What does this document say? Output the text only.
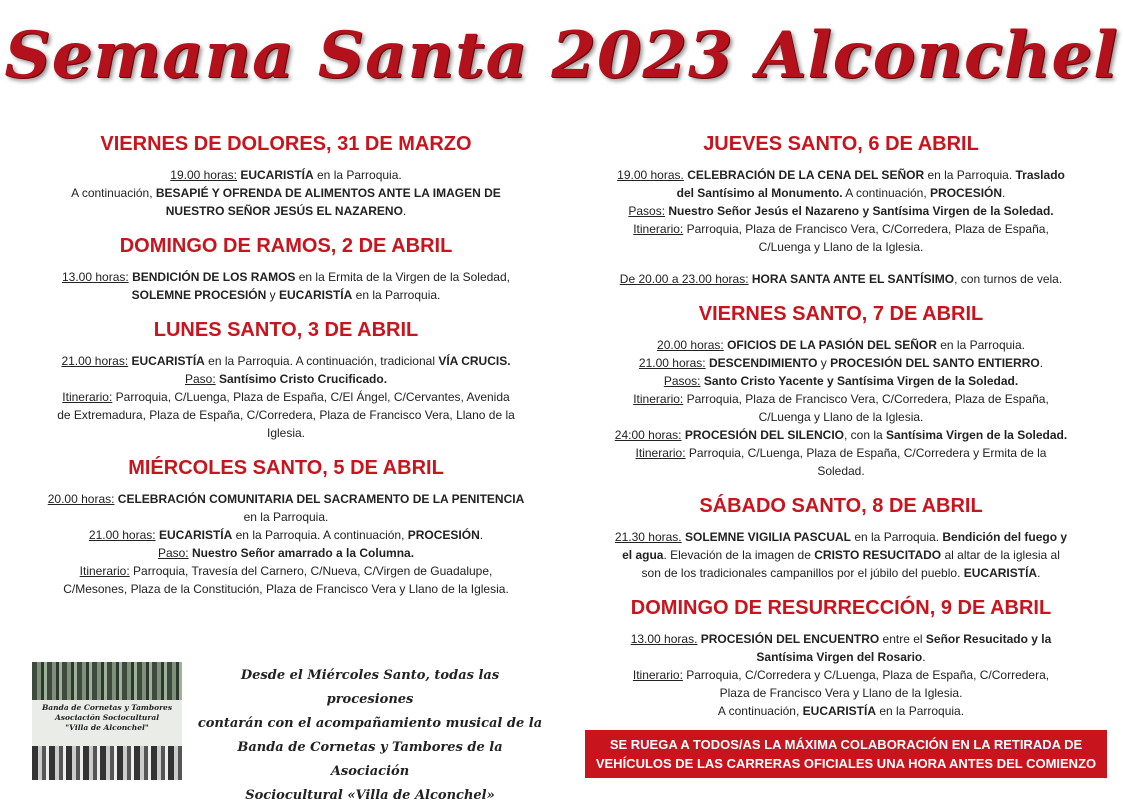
Semana Santa 2023 Alconchel
VIERNES DE DOLORES, 31 DE MARZO
19.00 horas: EUCARISTÍA en la Parroquia.
A continuación, BESAPIÉ Y OFRENDA DE ALIMENTOS ANTE LA IMAGEN DE
NUESTRO SEÑOR JESÚS EL NAZARENO.
DOMINGO DE RAMOS, 2 DE ABRIL
13.00 horas: BENDICIÓN DE LOS RAMOS en la Ermita de la Virgen de la Soledad,
SOLEMNE PROCESIÓN y EUCARISTÍA en la Parroquia.
LUNES SANTO, 3 DE ABRIL
21.00 horas: EUCARISTÍA en la Parroquia. A continuación, tradicional VÍA CRUCIS.
Paso: Santísimo Cristo Crucificado.
Itinerario: Parroquia, C/Luenga, Plaza de España, C/El Ángel, C/Cervantes, Avenida
de Extremadura, Plaza de España, C/Corredera, Plaza de Francisco Vera, Llano de la
Iglesia.
MIÉRCOLES SANTO, 5 DE ABRIL
20.00 horas: CELEBRACIÓN COMUNITARIA DEL SACRAMENTO DE LA PENITENCIA
en la Parroquia.
21.00 horas: EUCARISTÍA en la Parroquia. A continuación, PROCESIÓN.
Paso: Nuestro Señor amarrado a la Columna.
Itinerario: Parroquia, Travesía del Carnero, C/Nueva, C/Virgen de Guadalupe,
C/Mesones, Plaza de la Constitución, Plaza de Francisco Vera y Llano de la Iglesia.
JUEVES SANTO, 6 DE ABRIL
19.00 horas. CELEBRACIÓN DE LA CENA DEL SEÑOR en la Parroquia. Traslado
del Santísimo al Monumento. A continuación, PROCESIÓN.
Pasos: Nuestro Señor Jesús el Nazareno y Santísima Virgen de la Soledad.
Itinerario: Parroquia, Plaza de Francisco Vera, C/Corredera, Plaza de España,
C/Luenga y Llano de la Iglesia.
De 20.00 a 23.00 horas: HORA SANTA ANTE EL SANTÍSIMO, con turnos de vela.
VIERNES SANTO, 7 DE ABRIL
20.00 horas: OFICIOS DE LA PASIÓN DEL SEÑOR en la Parroquia.
21.00 horas: DESCENDIMIENTO y PROCESIÓN DEL SANTO ENTIERRO.
Pasos: Santo Cristo Yacente y Santísima Virgen de la Soledad.
Itinerario: Parroquia, Plaza de Francisco Vera, C/Corredera, Plaza de España,
C/Luenga y Llano de la Iglesia.
24:00 horas: PROCESIÓN DEL SILENCIO, con la Santísima Virgen de la Soledad.
Itinerario: Parroquia, C/Luenga, Plaza de España, C/Corredera y Ermita de la
Soledad.
SÁBADO SANTO, 8 DE ABRIL
21.30 horas. SOLEMNE VIGILIA PASCUAL en la Parroquia. Bendición del fuego y
el agua. Elevación de la imagen de CRISTO RESUCITADO al altar de la iglesia al
son de los tradicionales campanillos por el júbilo del pueblo. EUCARISTÍA.
DOMINGO DE RESURRECCIÓN, 9 DE ABRIL
13.00 horas. PROCESIÓN DEL ENCUENTRO entre el Señor Resucitado y la
Santísima Virgen del Rosario.
Itinerario: Parroquia, C/Corredera y C/Luenga, Plaza de España, C/Corredera,
Plaza de Francisco Vera y Llano de la Iglesia.
A continuación, EUCARISTÍA en la Parroquia.
Banda de Cornetas y Tambores
Asociación Sociocultural
"Villa de Alconchel"
Desde el Miércoles Santo, todas las procesiones
contarán con el acompañamiento musical de la
Banda de Cornetas y Tambores de la Asociación
Sociocultural «Villa de Alconchel»
SE RUEGA A TODOS/AS LA MÁXIMA COLABORACIÓN EN LA RETIRADA DE
VEHÍCULOS DE LAS CARRERAS OFICIALES UNA HORA ANTES DEL COMIENZO
